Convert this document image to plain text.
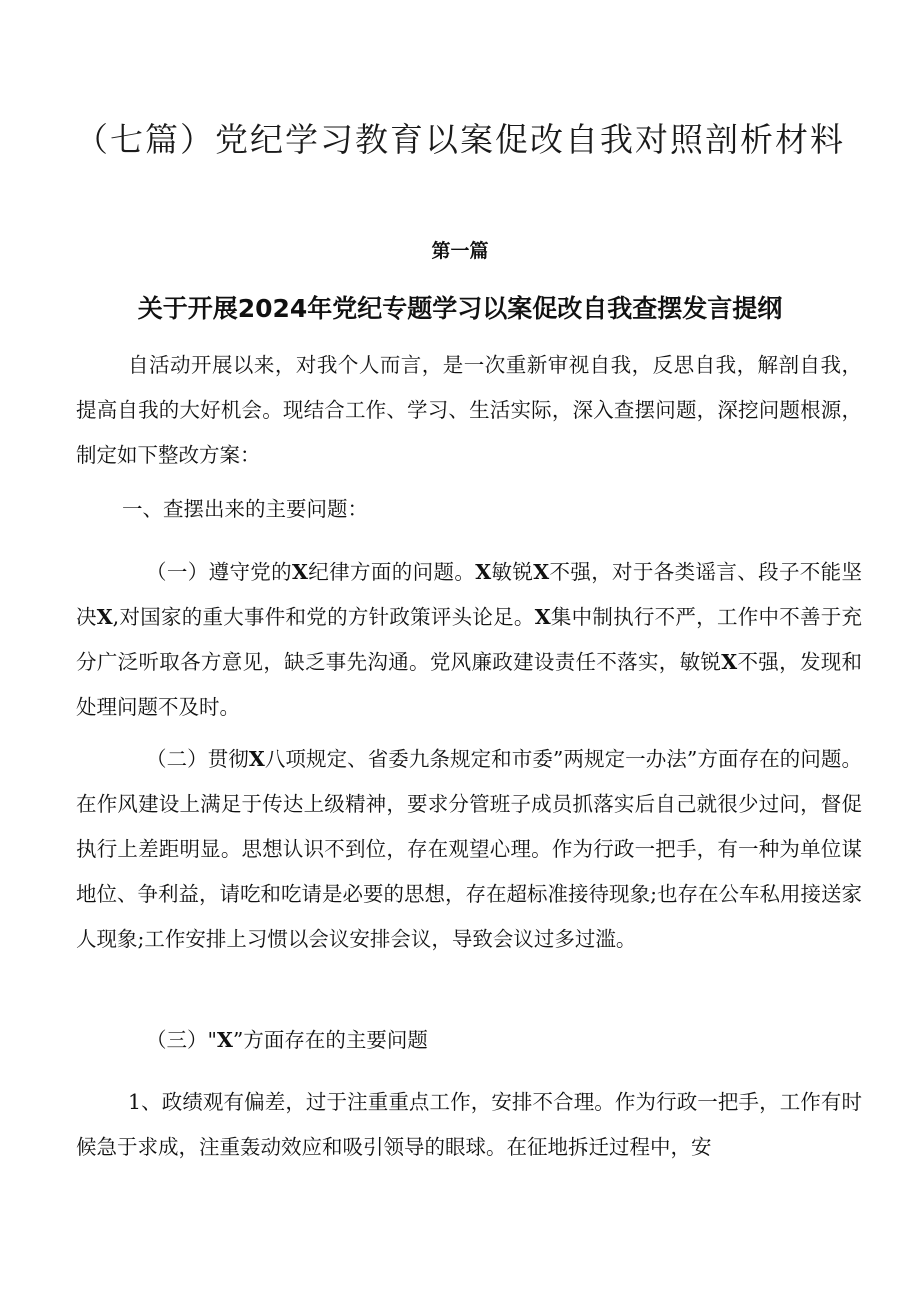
（七篇）党纪学习教育以案促改自我对照剖析材料
第一篇
关于开展2024年党纪专题学习以案促改自我查摆发言提纲

自活动开展以来，对我个人而言，是一次重新审视自我，反思自我，解剖自我，提高自我的大好机会。现结合工作、学习、生活实际，深入查摆问题，深挖问题根源，制定如下整改方案：

一、查摆出来的主要问题：

（一）遵守党的X纪律方面的问题。X敏锐X不强，对于各类谣言、段子不能坚决X,对国家的重大事件和党的方针政策评头论足。X集中制执行不严，工作中不善于充分广泛听取各方意见，缺乏事先沟通。党风廉政建设责任不落实，敏锐X不强，发现和处理问题不及时。

（二）贯彻X八项规定、省委九条规定和市委”两规定一办法”方面存在的问题。在作风建设上满足于传达上级精神，要求分管班子成员抓落实后自己就很少过问，督促执行上差距明显。思想认识不到位，存在观望心理。作为行政一把手，有一种为单位谋地位、争利益，请吃和吃请是必要的思想，存在超标准接待现象;也存在公车私用接送家人现象;工作安排上习惯以会议安排会议，导致会议过多过滥。

（三）"X”方面存在的主要问题

1、政绩观有偏差，过于注重重点工作，安排不合理。作为行政一把手，工作有时候急于求成，注重轰动效应和吸引领导的眼球。在征地拆迁过程中，安
